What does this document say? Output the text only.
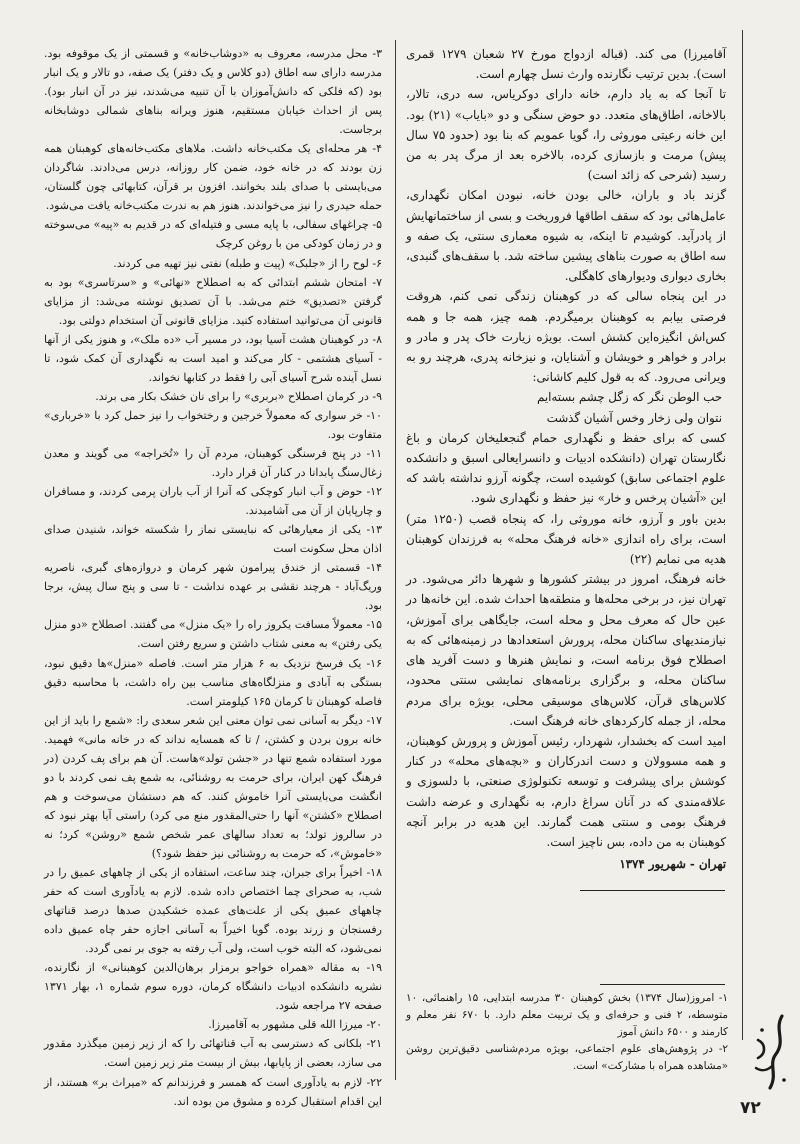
آقامیرزا) می کند. (قباله ازدواج مورخ ۲۷ شعبان ۱۲۷۹ قمری است). بدین ترتیب نگارنده وارث نسل چهارم است.

تا آنجا که به یاد دارم، خانه دارای دوکریاس، سه دری، تالار، بالاخانه، اطاق‌های متعدد. دو حوض سنگی و دو «بایاب» (۲۱) بود. این خانه رعیتی موروثی را، گویا عمویم که بنا بود (حدود ۷۵ سال پیش) مرمت و بازسازی کرده، بالاخره بعد از مرگ پدر به من رسید (شرحی که زائد است)

گزند باد و باران، خالی بودن خانه، نبودن امکان نگهداری، عامل‌هائی بود که سقف اطاقها فروریخت و بسی از ساختمانهایش از پادرآید. کوشیدم تا اینکه، به شیوه معماری سنتی، یک صفه و سه اطاق به صورت بناهای پیشین ساخته شد. با سقف‌های گنبدی، بخاری دیواری ودیوارهای کاهگلی.

در این پنجاه سالی که در کوهبنان زندگی نمی کنم، هروقت فرصتی بیابم به کوهبنان برمیگردم. همه چیز، همه جا و همه کس‌اش انگیزه‌این کشش است. بویژه زیارت خاک پدر و مادر و برادر و خواهر و خویشان و آشنایان، و نیزخانه پدری، هرچند رو به ویرانی می‌رود. که به قول کلیم کاشانی:

حب الوطن نگر که زگل چشم بسته‌ایم

نتوان ولی زخار وخس آشیان گذشت

کسی که برای حفظ و نگهداری حمام گنجعلیخان کرمان و باغ نگارستان تهران (دانشکده ادبیات و دانسرایعالی اسبق و دانشکده علوم اجتماعی سابق) کوشیده است، چگونه آرزو نداشته باشد که این «آشیان پرخس و خار» نیز حفظ و نگهداری شود.

بدین باور و آرزو، خانه موروثی را، که پنجاه قصب (۱۲۵۰ متر) است، برای راه اندازی «خانه فرهنگ محله» به فرزندان کوهبنان هدیه می نمایم (۲۲)

خانه فرهنگ، امروز در بیشتر کشورها و شهرها دائر می‌شود. در تهران نیز، در برخی محله‌ها و منطقه‌ها احداث شده. این خانه‌ها در عین حال که معرف محل و محله است، جایگاهی برای آموزش، نیازمندیهای ساکنان محله، پرورش استعدادها در زمینه‌هائی که به اصطلاح فوق برنامه است، و نمایش هنرها و دست آفرید های ساکنان محله، و برگزاری برنامه‌های نمایشی سنتی محدود، کلاس‌های قرآن، کلاس‌های موسیقی محلی، بویژه برای مردم محله، از جمله کارکردهای خانه فرهنگ است.

امید است که بخشدار، شهردار، رئیس آموزش و پرورش کوهبنان، و همه مسوولان و دست اندرکاران و «بچه‌های محله» در کنار کوشش برای پیشرفت و توسعه تکنولوژی صنعتی، با دلسوزی و علاقه‌مندی که در آنان سراغ دارم، به نگهداری و عرضه داشت فرهنگ بومی و سنتی همت گمارند. این هدیه در برابر آنچه کوهبنان به من داده، بس ناچیز است.

تهران - شهریور ۱۳۷۴

۱- امروز(سال ۱۳۷۴) بخش کوهبنان ۳۰ مدرسه ابتدایی، ۱۵ راهنمائی، ۱۰ متوسطه، ۲ فنی و حرفه‌ای و یک تربیت معلم دارد. با ۶۷۰ نفر معلم و کارمند و ۶۵۰۰ دانش آموز

۲- در پژوهش‌های علوم اجتماعی، بویژه مردم‌شناسی دقیق‌ترین روشن «مشاهده همراه با مشارکت» است.

۳- محل مدرسه، معروف به «دوشاب‌خانه» و قسمتی از یک موقوفه بود. مدرسه دارای سه اطاق (دو کلاس و یک دفتر) یک صفه، دو تالار و یک انبار بود (که فلکی که دانش‌آموزان با آن تنبیه می‌شدند، نیز در آن انبار بود). پس از احداث خیابان مستقیم، هنوز ویرانه بناهای شمالی دوشابخانه برجاست.

۴- هر محله‌ای یک مکتب‌خانه داشت. ملاهای مکتب‌خانه‌های کوهبنان همه زن بودند که در خانه خود، ضمن کار روزانه، درس می‌دادند. شاگردان می‌بایستی با صدای بلند بخوانند. افزون بر قرآن، کتابهائی چون گلستان، حمله حیدری را نیز می‌خواندند. هنوز هم به ندرت مکتب‌خانه یافت می‌شود.

۵- چراغهای سفالی، با پایه مسی و فتیله‌ای که در قدیم به «پیه» می‌سوخته و در زمان کودکی من با روغن کرچک

۶- لوح را از «جلبک» (پیت و طبله) نفتی نیز تهیه می کردند.

۷- امتحان ششم ابتدائی که به اصطلاح «نهائی» و «سرتاسری» بود به گرفتن «تصدیق» ختم می‌شد. با آن تصدیق نوشته می‌شد: از مزایای قانونی آن می‌توانید استفاده کنید. مزایای قانونی آن استخدام دولتی بود.

۸- در کوهبنان هشت آسیا بود، در مسیر آب «ده ملک»، و هنوز یکی از آنها - آسیای هشتمی - کار می‌کند و امید است به نگهداری آن کمک شود، تا نسل آینده شرح آسیای آبی را فقط در کتابها نخواند.

۹- در کرمان اصطلاح «بربری» را برای نان خشک بکار می برند.

۱۰- خر سواری که معمولاً خرجین و رختخواب را نیز حمل کرد با «خرباری» متفاوت بود.

۱۱- در پنج فرسنگی کوهبنان، مردم آن را «تُخراجه» می گویند و معدن زغال‌سنگ پابدانا در کنار آن قرار دارد.

۱۲- حوض و آب انبار کوچکی که آنرا از آب باران پرمی کردند، و مسافران و چارپایان از آن می آشامیدند.

۱۳- یکی از معیارهائی که نبایستی نماز را شکسته خواند، شنیدن صدای اذان محل سکونت است

۱۴- قسمتی از خندق پیرامون شهر کرمان و دروازه‌های گبری، ناصریه وریگ‌آباد - هرچند نقشی بر عهده نداشت - تا سی و پنج سال پیش، برجا بود.

۱۵- معمولاً مسافت یکروز راه را «یک منزل» می گفتند. اصطلاح «دو منزل یکی رفتن» به معنی شتاب داشتن و سریع رفتن است.

۱۶- یک فرسخ نزدیک به ۶ هزار متر است. فاصله «منزل»ها دقیق نبود، بستگی به آبادی و منزلگاه‌های مناسب بین راه داشت، با محاسبه دقیق فاصله کوهبنان تا کرمان ۱۶۵ کیلومتر است.

۱۷- دیگر به آسانی نمی توان معنی این شعر سعدی را: «شمع را باید از این خانه برون بردن و کشتن، / تا که همسایه نداند که در خانه مانی» فهمید. مورد استفاده شمع تنها در «جشن تولد»هاست. آن هم برای پف کردن (در فرهنگ کهن ایران، برای حرمت به روشنائی، به شمع پف نمی کردند با دو انگشت می‌بایستی آنرا خاموش کنند. که هم دستشان می‌سوخت و هم اصطلاح «کشتن» آنها را حتی‌المقدور منع می کرد) راستی آیا بهتر نبود که در سالروز تولد؛ به تعداد سالهای عمر شخص شمع «روشن» کرد؛ نه «خاموش»، که حرمت به روشنائی نیز حفظ شود؟)

۱۸- اخیراً برای جبران، چند ساعت، استفاده از یکی از چاههای عمیق را در شب، به صحرای چما اختصاص داده شده. لازم به یادآوری است که حفر چاههای عمیق یکی از علت‌های عمده خشکیدن صدها درصد قناتهای رفسنجان و زرند بوده. گویا اخیراً به آسانی اجازه حفر چاه عمیق داده نمی‌شود، که البته خوب است، ولی آب رفته به جوی بر نمی گردد.

۱۹- به مقاله «همراه خواجو برمزار برهان‌الدین کوهبنانی» از نگارنده، نشریه دانشکده ادبیات دانشگاه کرمان، دوره سوم شماره ۱، بهار ۱۳۷۱ صفحه ۲۷ مراجعه شود.

۲۰- میرزا الله قلی مشهور به آقامیرزا.

۲۱- بلکانی که دسترسی به آب قناتهائی را که از زیر زمین میگذرد مقدور می سازد، بعضی از پایابها، بیش از بیست متر زیر زمین است.

۲۲- لازم به یادآوری است که همسر و فرزندانم که «میراث بر» هستند، از این اقدام استقبال کرده و مشوق من بوده اند.	۷۲
